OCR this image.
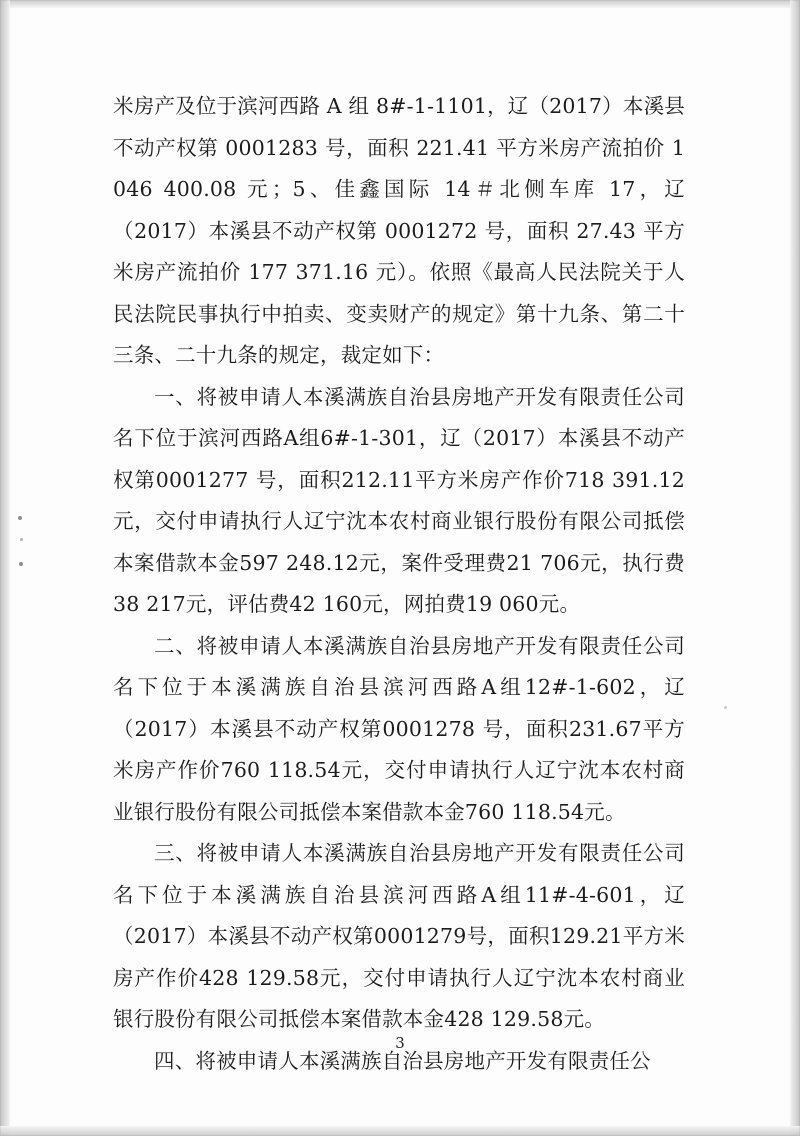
米房产及位于滨河西路 A 组 8#-1-1101，辽（2017）本溪县不动产权第 0001283 号，面积 221.41 平方米房产流拍价 1 046 400.08 元；5、佳鑫国际 14＃北侧车库 17，辽（2017）本溪县不动产权第 0001272 号，面积 27.43 平方米房产流拍价 177 371.16 元）。依照《最高人民法院关于人民法院民事执行中拍卖、变卖财产的规定》第十九条、第二十三条、二十九条的规定，裁定如下：

一、将被申请人本溪满族自治县房地产开发有限责任公司名下位于滨河西路A组6#-1-301，辽（2017）本溪县不动产权第0001277 号，面积212.11平方米房产作价718 391.12元，交付申请执行人辽宁沈本农村商业银行股份有限公司抵偿本案借款本金597 248.12元，案件受理费21 706元，执行费38 217元，评估费42 160元，网拍费19 060元。

二、将被申请人本溪满族自治县房地产开发有限责任公司名下位于本溪满族自治县滨河西路A组12#-1-602，辽（2017）本溪县不动产权第0001278 号，面积231.67平方米房产作价760 118.54元，交付申请执行人辽宁沈本农村商业银行股份有限公司抵偿本案借款本金760 118.54元。

三、将被申请人本溪满族自治县房地产开发有限责任公司名下位于本溪满族自治县滨河西路A组11#-4-601，辽（2017）本溪县不动产权第0001279号，面积129.21平方米房产作价428 129.58元，交付申请执行人辽宁沈本农村商业银行股份有限公司抵偿本案借款本金428 129.58元。

四、将被申请人本溪满族自治县房地产开发有限责任公

3
